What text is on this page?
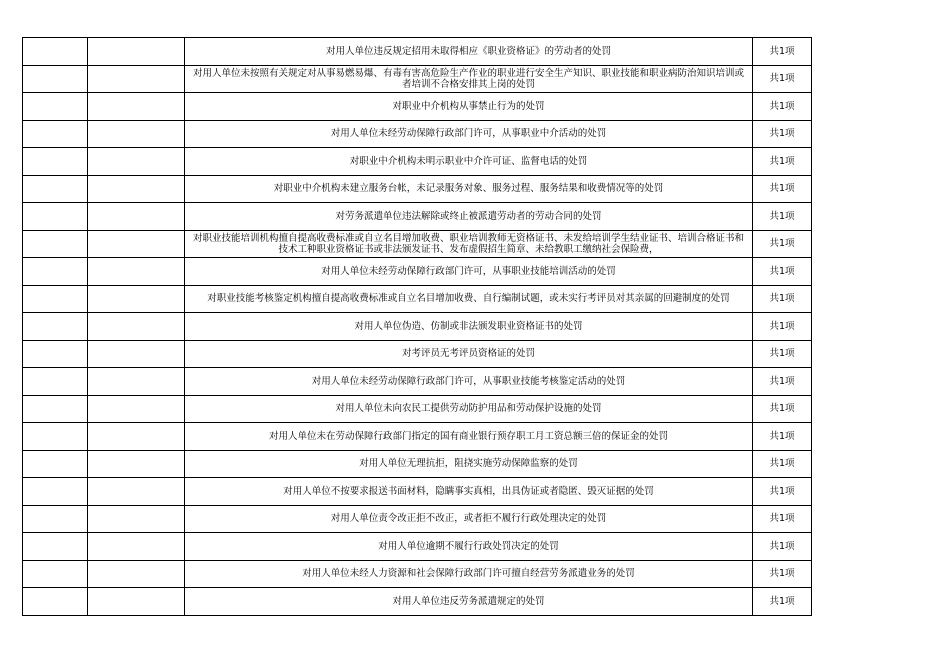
		对用人单位违反规定招用未取得相应《职业资格证》的劳动者的处罚	共1项
		对用人单位未按照有关规定对从事易燃易爆、有毒有害高危险生产作业的职业进行安全生产知识、职业技能和职业病防治知识培训或者培训不合格安排其上岗的处罚	共1项
		对职业中介机构从事禁止行为的处罚	共1项
		对用人单位未经劳动保障行政部门许可，从事职业中介活动的处罚	共1项
		对职业中介机构未明示职业中介许可证、监督电话的处罚	共1项
		对职业中介机构未建立服务台帐，未记录服务对象、服务过程、服务结果和收费情况等的处罚	共1项
		对劳务派遣单位违法解除或终止被派遣劳动者的劳动合同的处罚	共1项
		对职业技能培训机构擅自提高收费标准或自立名目增加收费、职业培训教师无资格证书、未发给培训学生结业证书、培训合格证书和技术工种职业资格证书或非法颁发证书、发布虚假招生简章、未给教职工缴纳社会保险费，	共1项
		对用人单位未经劳动保障行政部门许可，从事职业技能培训活动的处罚	共1项
		对职业技能考核鉴定机构擅自提高收费标准或自立名目增加收费、自行编制试题，或未实行考评员对其亲属的回避制度的处罚	共1项
		对用人单位伪造、仿制或非法颁发职业资格证书的处罚	共1项
		对考评员无考评员资格证的处罚	共1项
		对用人单位未经劳动保障行政部门许可，从事职业技能考核鉴定活动的处罚	共1项
		对用人单位未向农民工提供劳动防护用品和劳动保护设施的处罚	共1项
		对用人单位未在劳动保障行政部门指定的国有商业银行预存职工月工资总额三倍的保证金的处罚	共1项
		对用人单位无理抗拒，阻挠实施劳动保障监察的处罚	共1项
		对用人单位不按要求报送书面材料，隐瞒事实真相，出具伪证或者隐匿、毁灭证据的处罚	共1项
		对用人单位责令改正拒不改正，或者拒不履行行政处理决定的处罚	共1项
		对用人单位逾期不履行行政处罚决定的处罚	共1项
		对用人单位未经人力资源和社会保障行政部门许可擅自经营劳务派遣业务的处罚	共1项
		对用人单位违反劳务派遣规定的处罚	共1项
